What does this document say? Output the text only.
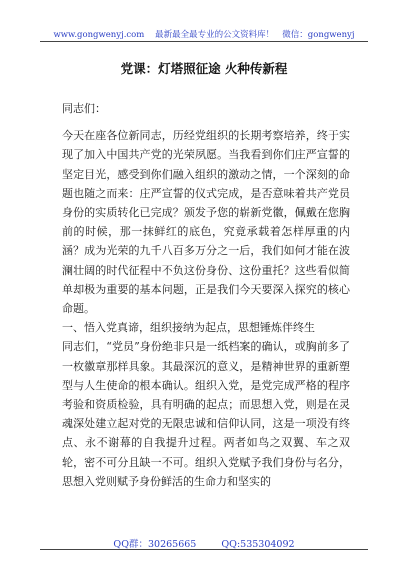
www.gongwenyj.com 最新最全最专业的公文资料库！ 微信：gongwenyj
党课：灯塔照征途 火种传新程

同志们：

今天在座各位新同志，历经党组织的长期考察培养，终于实现了加入中国共产党的光荣夙愿。当我看到你们庄严宣誓的坚定目光，感受到你们融入组织的激动之情，一个深刻的命题也随之而来：庄严宣誓的仪式完成，是否意味着共产党员身份的实质转化已完成？颁发予您的崭新党徽，佩戴在您胸前的时候，那一抹鲜红的底色，究竟承载着怎样厚重的内涵？成为光荣的九千八百多万分之一后，我们如何才能在波澜壮阔的时代征程中不负这份身份、这份重托？这些看似简单却极为重要的基本问题，正是我们今天要深入探究的核心命题。

一、悟入党真谛，组织接纳为起点，思想锤炼伴终生

同志们，“党员”身份绝非只是一纸档案的确认，或胸前多了一枚徽章那样具象。其最深沉的意义，是精神世界的重新塑型与人生使命的根本确认。组织入党，是党完成严格的程序考验和资质检验，具有明确的起点；而思想入党，则是在灵魂深处建立起对党的无限忠诚和信仰认同，这是一项没有终点、永不谢幕的自我提升过程。两者如鸟之双翼、车之双轮，密不可分且缺一不可。组织入党赋予我们身份与名分，思想入党则赋予身份鲜活的生命力和坚实的

QQ群：30265665	QQ:535304092
